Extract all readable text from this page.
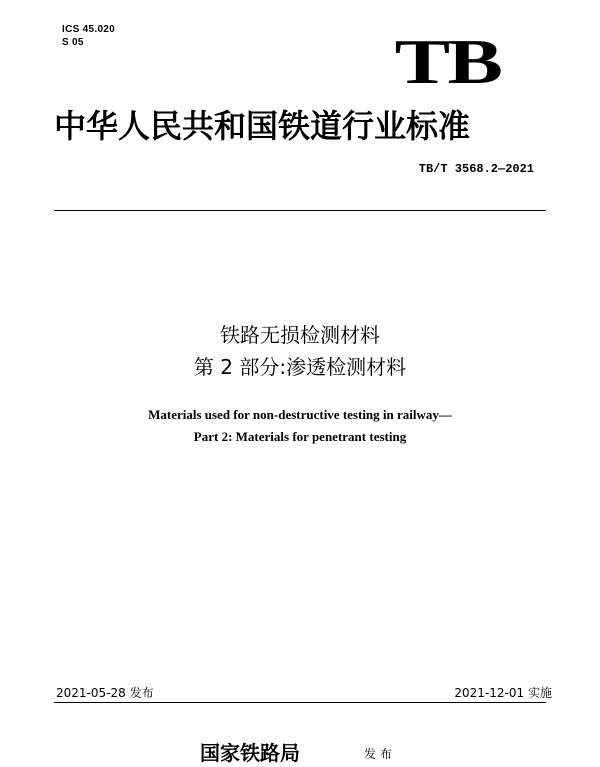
ICS 45.020
S 05	TB
中华人民共和国铁道行业标准
TB/T 3568.2—2021
铁路无损检测材料
第 2 部分:渗透检测材料
Materials used for non-destructive testing in railway—
Part 2: Materials for penetrant testing
2021-05-28 发布	2021-12-01 实施
国家铁路局	发布
